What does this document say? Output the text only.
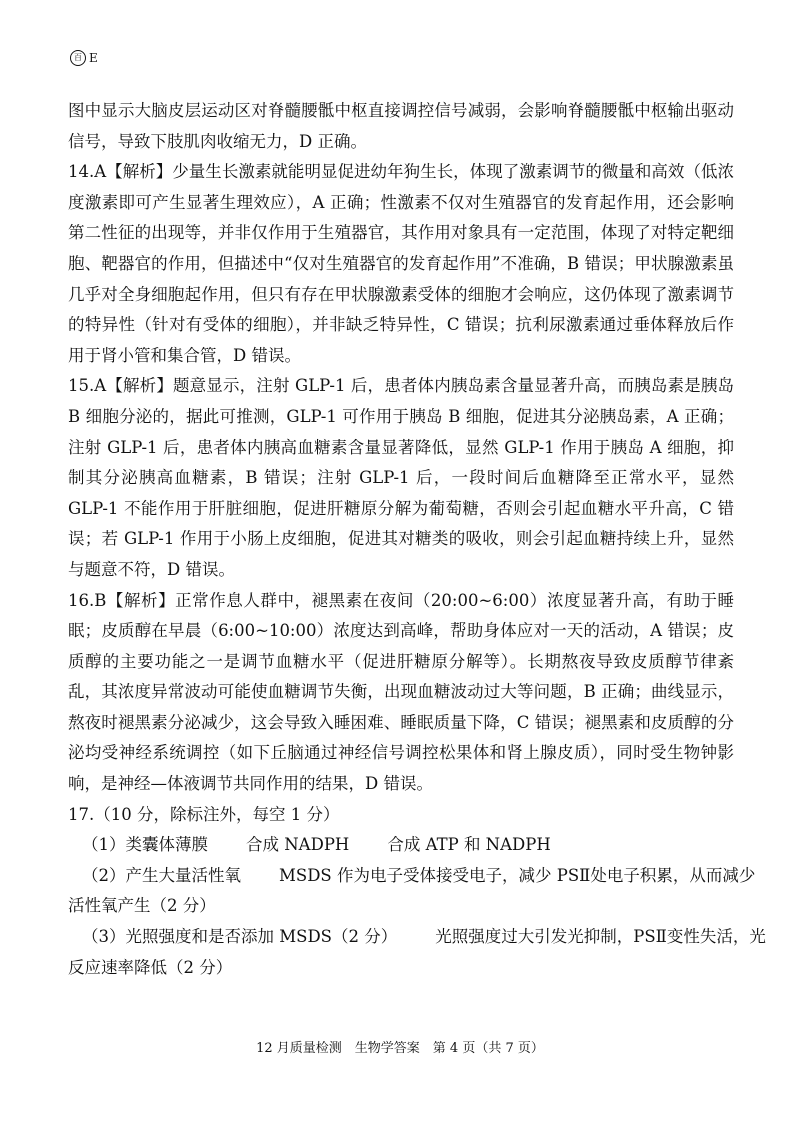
百 E

图中显示大脑皮层运动区对脊髓腰骶中枢直接调控信号减弱，会影响脊髓腰骶中枢输出驱动信号，导致下肢肌肉收缩无力，D 正确。

14.A【解析】少量生长激素就能明显促进幼年狗生长，体现了激素调节的微量和高效（低浓度激素即可产生显著生理效应），A 正确；性激素不仅对生殖器官的发育起作用，还会影响第二性征的出现等，并非仅作用于生殖器官，其作用对象具有一定范围，体现了对特定靶细胞、靶器官的作用，但描述中“仅对生殖器官的发育起作用”不准确，B 错误；甲状腺激素虽几乎对全身细胞起作用，但只有存在甲状腺激素受体的细胞才会响应，这仍体现了激素调节的特异性（针对有受体的细胞），并非缺乏特异性，C 错误；抗利尿激素通过垂体释放后作用于肾小管和集合管，D 错误。

15.A【解析】题意显示，注射 GLP-1 后，患者体内胰岛素含量显著升高，而胰岛素是胰岛 B 细胞分泌的，据此可推测，GLP-1 可作用于胰岛 B 细胞，促进其分泌胰岛素，A 正确；注射 GLP-1 后，患者体内胰高血糖素含量显著降低，显然 GLP-1 作用于胰岛 A 细胞，抑制其分泌胰高血糖素，B 错误；注射 GLP-1 后，一段时间后血糖降至正常水平，显然 GLP-1 不能作用于肝脏细胞，促进肝糖原分解为葡萄糖，否则会引起血糖水平升高，C 错误；若 GLP-1 作用于小肠上皮细胞，促进其对糖类的吸收，则会引起血糖持续上升，显然与题意不符，D 错误。

16.B【解析】正常作息人群中，褪黑素在夜间（20:00~6:00）浓度显著升高，有助于睡眠；皮质醇在早晨（6:00~10:00）浓度达到高峰，帮助身体应对一天的活动，A 错误；皮质醇的主要功能之一是调节血糖水平（促进肝糖原分解等）。长期熬夜导致皮质醇节律紊乱，其浓度异常波动可能使血糖调节失衡，出现血糖波动过大等问题，B 正确；曲线显示，熬夜时褪黑素分泌减少，这会导致入睡困难、睡眠质量下降，C 错误；褪黑素和皮质醇的分泌均受神经系统调控（如下丘脑通过神经信号调控松果体和肾上腺皮质），同时受生物钟影响，是神经—体液调节共同作用的结果，D 错误。

17.（10 分，除标注外，每空 1 分）

（1）类囊体薄膜 合成 NADPH 合成 ATP 和 NADPH

（2）产生大量活性氧 MSDS 作为电子受体接受电子，减少 PSⅡ处电子积累，从而减少

活性氧产生（2 分）

（3）光照强度和是否添加 MSDS（2 分） 光照强度过大引发光抑制，PSⅡ变性失活，光

反应速率降低（2 分）

12 月质量检测　生物学答案　第 4 页（共 7 页）
